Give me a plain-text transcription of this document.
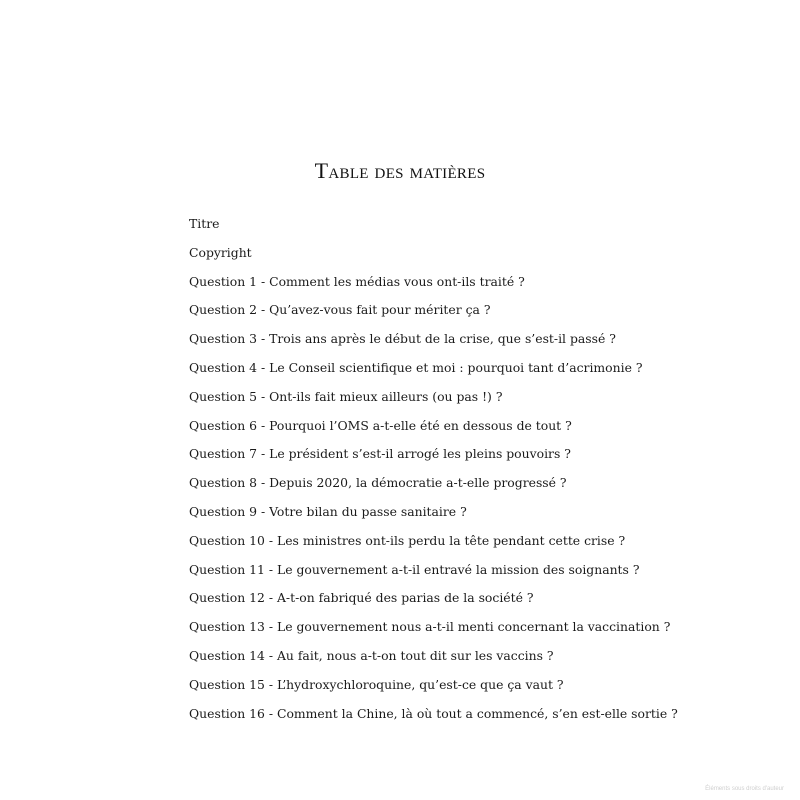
Table des matières
Titre
Copyright
Question 1 - Comment les médias vous ont-ils traité ?
Question 2 - Qu’avez-vous fait pour mériter ça ?
Question 3 - Trois ans après le début de la crise, que s’est-il passé ?
Question 4 - Le Conseil scientifique et moi : pourquoi tant d’acrimonie ?
Question 5 - Ont-ils fait mieux ailleurs (ou pas !) ?
Question 6 - Pourquoi l’OMS a-t-elle été en dessous de tout ?
Question 7 - Le président s’est-il arrogé les pleins pouvoirs ?
Question 8 - Depuis 2020, la démocratie a-t-elle progressé ?
Question 9 - Votre bilan du passe sanitaire ?
Question 10 - Les ministres ont-ils perdu la tête pendant cette crise ?
Question 11 - Le gouvernement a-t-il entravé la mission des soignants ?
Question 12 - A-t-on fabriqué des parias de la société ?
Question 13 - Le gouvernement nous a-t-il menti concernant la vaccination ?
Question 14 - Au fait, nous a-t-on tout dit sur les vaccins ?
Question 15 - L’hydroxychloroquine, qu’est-ce que ça vaut ?
Question 16 - Comment la Chine, là où tout a commencé, s’en est-elle sortie ?
Éléments sous droits d'auteur
